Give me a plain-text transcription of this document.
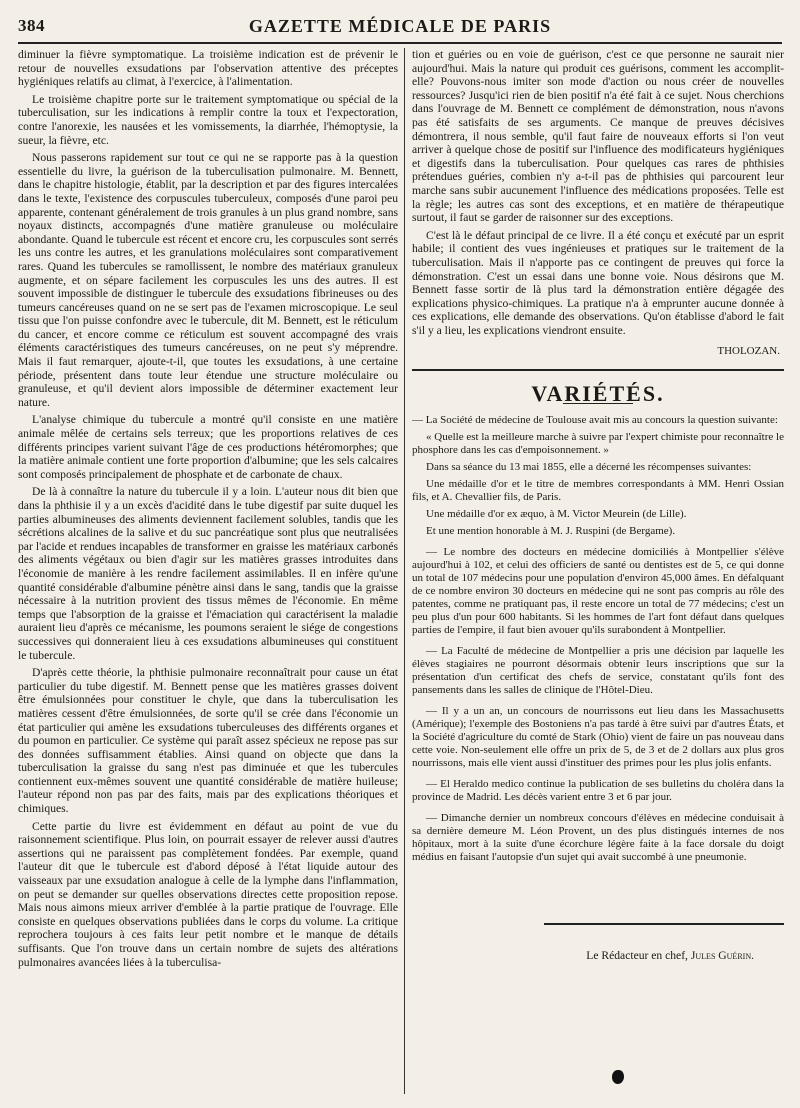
384	GAZETTE MÉDICALE DE PARIS

diminuer la fièvre symptomatique. La troisième indication est de prévenir le retour de nouvelles exsudations par l'observation attentive des préceptes hygiéniques relatifs au climat, à l'exercice, à l'alimentation.

Le troisième chapitre porte sur le traitement symptomatique ou spécial de la tuberculisation, sur les indications à remplir contre la toux et l'expectoration, contre l'anorexie, les nausées et les vomissements, la diarrhée, l'hémoptysie, la sueur, la fièvre, etc.

Nous passerons rapidement sur tout ce qui ne se rapporte pas à la question essentielle du livre, la guérison de la tuberculisation pulmonaire. M. Bennett, dans le chapitre histologie, établit, par la description et par des figures intercalées dans le texte, l'existence des corpuscules tuberculeux, composés d'une paroi peu apparente, contenant généralement de trois granules à un plus grand nombre, sans noyaux distincts, accompagnés d'une matière granuleuse ou moléculaire abondante. Quand le tubercule est récent et encore cru, les corpuscules sont serrés les uns contre les autres, et les granulations moléculaires sont comparativement rares. Quand les tubercules se ramollissent, le nombre des matériaux granuleux augmente, et on sépare facilement les corpuscules les uns des autres. Il est souvent impossible de distinguer le tubercule des exsudations fibrineuses ou des tumeurs cancéreuses quand on ne se sert pas de l'examen microscopique. Le seul tissu que l'on puisse confondre avec le tubercule, dit M. Bennett, est le réticulum du cancer, et encore comme ce réticulum est souvent accompagné des vrais éléments caractéristiques des tumeurs cancéreuses, on ne peut s'y méprendre. Mais il faut remarquer, ajoute-t-il, que toutes les exsudations, à une certaine période, présentent dans toute leur étendue une structure moléculaire ou granuleuse, et qu'il devient alors impossible de déterminer exactement leur nature.

L'analyse chimique du tubercule a montré qu'il consiste en une matière animale mêlée de certains sels terreux; que les proportions relatives de ces différents principes varient suivant l'âge de ces productions hétéromorphes; que la matière animale contient une forte proportion d'albumine; que les sels calcaires sont composés principalement de phosphate et de carbonate de chaux.

De là à connaître la nature du tubercule il y a loin. L'auteur nous dit bien que dans la phthisie il y a un excès d'acidité dans le tube digestif par suite duquel les parties albumineuses des aliments deviennent facilement solubles, tandis que les sécrétions alcalines de la salive et du suc pancréatique sont plus que neutralisées par l'acide et rendues incapables de transformer en graisse les matériaux carbonés des aliments végétaux ou bien d'agir sur les matières grasses introduites dans l'économie de manière à les rendre facilement assimilables. Il en infère qu'une quantité considérable d'albumine pénètre ainsi dans le sang, tandis que la graisse nécessaire à la nutrition provient des tissus mêmes de l'économie. En même temps que l'absorption de la graisse et l'émaciation qui caractérisent la maladie auraient lieu d'après ce mécanisme, les poumons seraient le siége de congestions successives qui donneraient lieu à ces exsudations albumineuses qui constituent le tubercule.

D'après cette théorie, la phthisie pulmonaire reconnaîtrait pour cause un état particulier du tube digestif. M. Bennett pense que les matières grasses doivent être émulsionnées pour constituer le chyle, que dans la tuberculisation les matières cessent d'être émulsionnées, de sorte qu'il se crée dans l'économie un état particulier qui amène les exsudations tuberculeuses des différents organes et du poumon en particulier. Ce système qui paraît assez spécieux ne repose pas sur des données suffisamment établies. Ainsi quand on objecte que dans la tuberculisation la graisse du sang n'est pas diminuée et que les tubercules contiennent eux-mêmes souvent une quantité considérable de matière huileuse; l'auteur répond non pas par des faits, mais par des explications théoriques et chimiques.

Cette partie du livre est évidemment en défaut au point de vue du raisonnement scientifique. Plus loin, on pourrait essayer de relever aussi d'autres assertions qui ne paraissent pas complètement fondées. Par exemple, quand l'auteur dit que le tubercule est d'abord déposé à l'état liquide autour des vaisseaux par une exsudation analogue à celle de la lymphe dans l'inflammation, on peut se demander sur quelles observations directes cette proposition repose. Mais nous aimons mieux arriver d'emblée à la partie pratique de l'ouvrage. Elle consiste en quelques observations publiées dans le corps du volume. La critique reprochera toujours à ces faits leur petit nombre et le manque de détails suffisants. Que l'on trouve dans un certain nombre de sujets des altérations pulmonaires avancées liées à la tuberculisa-

tion et guéries ou en voie de guérison, c'est ce que personne ne saurait nier aujourd'hui. Mais la nature qui produit ces guérisons, comment les accomplit-elle? Pouvons-nous imiter son mode d'action ou nous créer de nouvelles ressources? Jusqu'ici rien de bien positif n'a été fait à ce sujet. Nous cherchions dans l'ouvrage de M. Bennett ce complément de démonstration, nous n'avons pas été satisfaits de ses arguments. Ce manque de preuves décisives démontrera, il nous semble, qu'il faut faire de nouveaux efforts si l'on veut arriver à quelque chose de positif sur l'influence des modificateurs hygiéniques et digestifs dans la tuberculisation. Pour quelques cas rares de phthisies prétendues guéries, combien n'y a-t-il pas de phthisies qui parcourent leur marche sans subir aucunement l'influence des médications proposées. Telle est la règle; les autres cas sont des exceptions, et en matière de thérapeutique surtout, il faut se garder de raisonner sur des exceptions.

C'est là le défaut principal de ce livre. Il a été conçu et exécuté par un esprit habile; il contient des vues ingénieuses et pratiques sur le traitement de la tuberculisation. Mais il n'apporte pas ce contingent de preuves qui force la démonstration. C'est un essai dans une bonne voie. Nous désirons que M. Bennett fasse sortir de là plus tard la démonstration entière dégagée des explications physico-chimiques. La pratique n'a à emprunter aucune donnée à ces explications, elle demande des observations. Qu'on établisse d'abord le fait s'il y a lieu, les explications viendront ensuite.

THOLOZAN.
VARIÉTÉS.

— La Société de médecine de Toulouse avait mis au concours la question suivante:

« Quelle est la meilleure marche à suivre par l'expert chimiste pour reconnaître le phosphore dans les cas d'empoisonnement. »

Dans sa séance du 13 mai 1855, elle a décerné les récompenses suivantes:

Une médaille d'or et le titre de membres correspondants à MM. Henri Ossian fils, et A. Chevallier fils, de Paris.

Une médaille d'or ex æquo, à M. Victor Meurein (de Lille).

Et une mention honorable à M. J. Ruspini (de Bergame).

— Le nombre des docteurs en médecine domiciliés à Montpellier s'élève aujourd'hui à 102, et celui des officiers de santé ou dentistes est de 5, ce qui donne un total de 107 médecins pour une population d'environ 45,000 âmes. En défalquant de ce nombre environ 30 docteurs en médecine qui ne sont pas compris au rôle des patentes, comme ne pratiquant pas, il reste encore un total de 77 médecins; c'est un peu plus d'un pour 600 habitants. Si les hommes de l'art font défaut dans quelques parties de l'empire, il faut bien avouer qu'ils surabondent à Montpellier.

— La Faculté de médecine de Montpellier a pris une décision par laquelle les élèves stagiaires ne pourront désormais obtenir leurs inscriptions que sur la présentation d'un certificat des chefs de service, constatant qu'ils font des pansements dans les salles de clinique de l'Hôtel-Dieu.

— Il y a un an, un concours de nourrissons eut lieu dans les Massachusetts (Amérique); l'exemple des Bostoniens n'a pas tardé à être suivi par d'autres États, et la Société d'agriculture du comté de Stark (Ohio) vient de faire un pas nouveau dans cette voie. Non-seulement elle offre un prix de 5, de 3 et de 2 dollars aux plus gros nourrissons, mais elle vient aussi d'instituer des primes pour les plus jolis enfants.

— El Heraldo medico continue la publication de ses bulletins du choléra dans la province de Madrid. Les décès varient entre 3 et 6 par jour.

— Dimanche dernier un nombreux concours d'élèves en médecine conduisait à sa dernière demeure M. Léon Provent, un des plus distingués internes de nos hôpitaux, mort à la suite d'une écorchure légère faite à la face dorsale du doigt médius en faisant l'autopsie d'un sujet qui avait succombé à une pneumonie.

Le Rédacteur en chef, Jules Guérin.
